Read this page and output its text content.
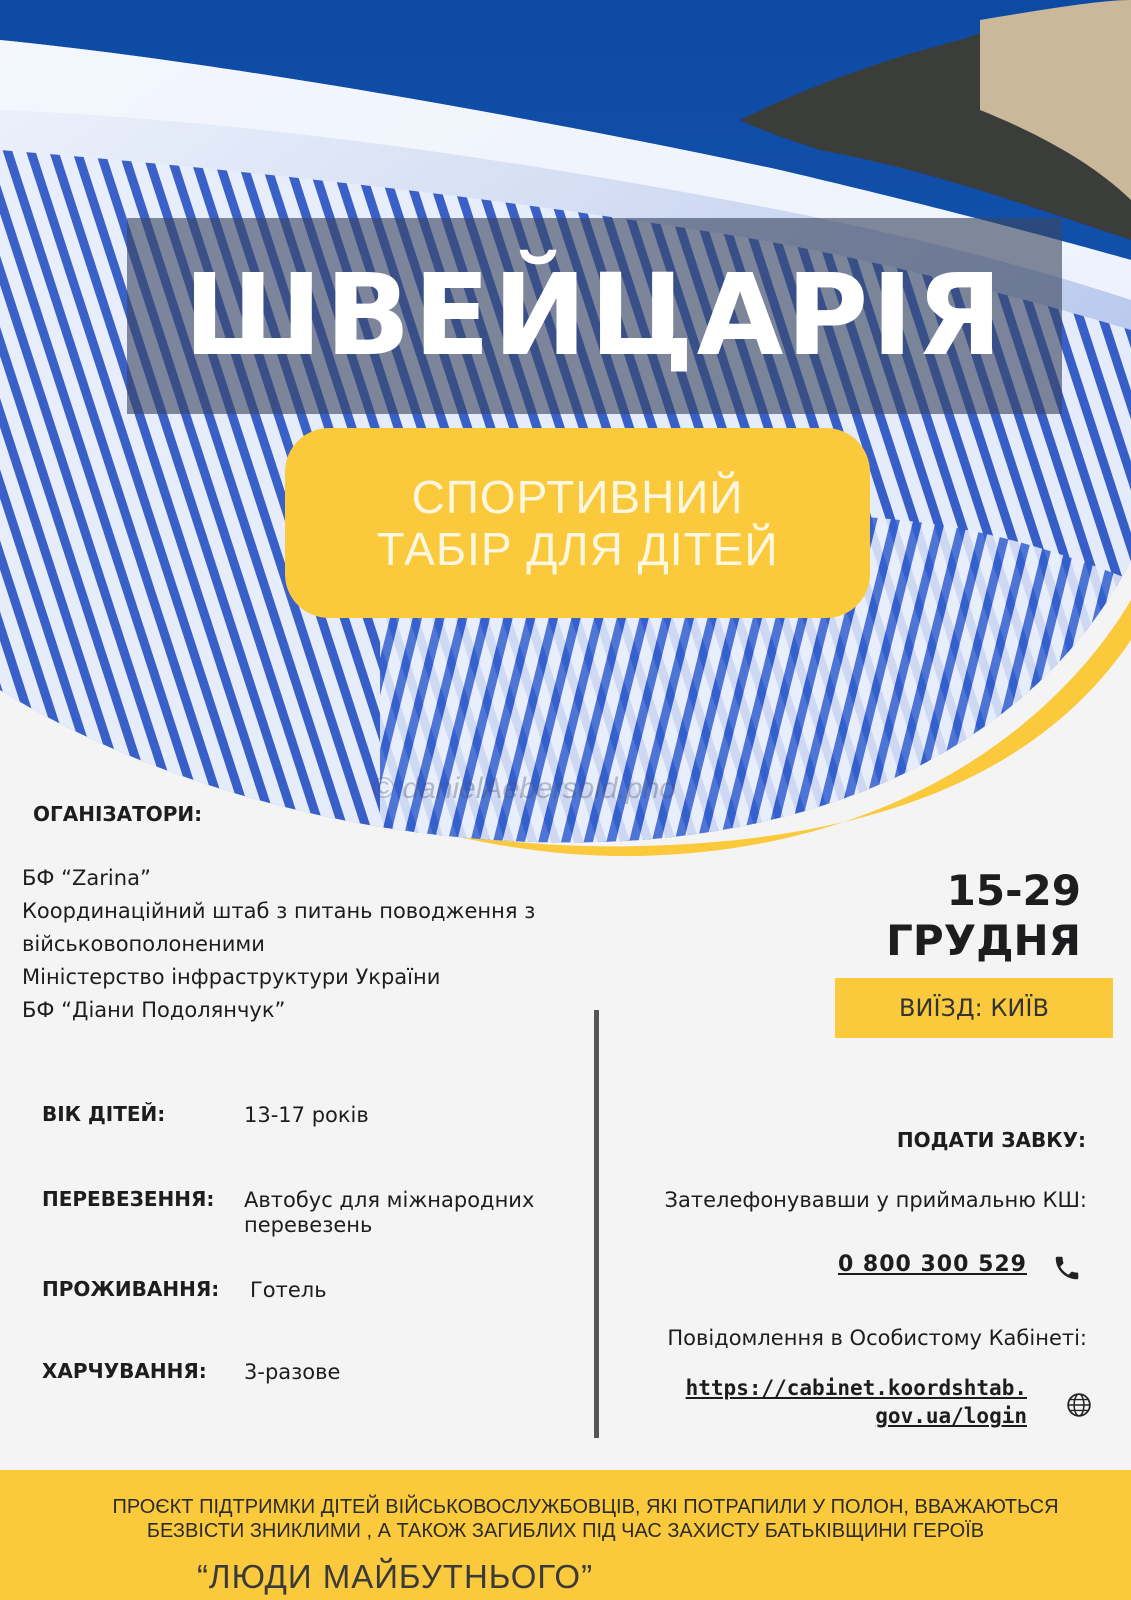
ШВЕЙЦАРІЯ
СПОРТИВНИЙ
ТАБІР ДЛЯ ДІТЕЙ
© danielAebersold.pho
ОГАНІЗАТОРИ:
БФ “Zarina”
Координаційний штаб з питань поводження з
військовополоненими
Міністерство інфраструктури України
БФ “Діани Подолянчук”
15-29
ГРУДНЯ
ВИЇЗД: КИЇВ
ВІК ДІТЕЙ:	13-17 років
ПЕРЕВЕЗЕННЯ: Автобус для міжнародних
перевезень
ПРОЖИВАННЯ: Готель
ХАРЧУВАННЯ: 3-разове
ПОДАТИ ЗАВКУ:
Зателефонувавши у приймальню КШ:
0 800 300 529
Повідомлення в Особистому Кабінеті:
https://cabinet.koordshtab.
gov.ua/login
ПРОЄКТ ПІДТРИМКИ ДІТЕЙ ВІЙСЬКОВОСЛУЖБОВЦІВ, ЯКІ ПОТРАПИЛИ У ПОЛОН, ВВАЖАЮТЬСЯ
БЕЗВІСТИ ЗНИКЛИМИ , А ТАКОЖ ЗАГИБЛИХ ПІД ЧАС ЗАХИСТУ БАТЬКІВЩИНИ ГЕРОЇВ
“ЛЮДИ МАЙБУТНЬОГО”
